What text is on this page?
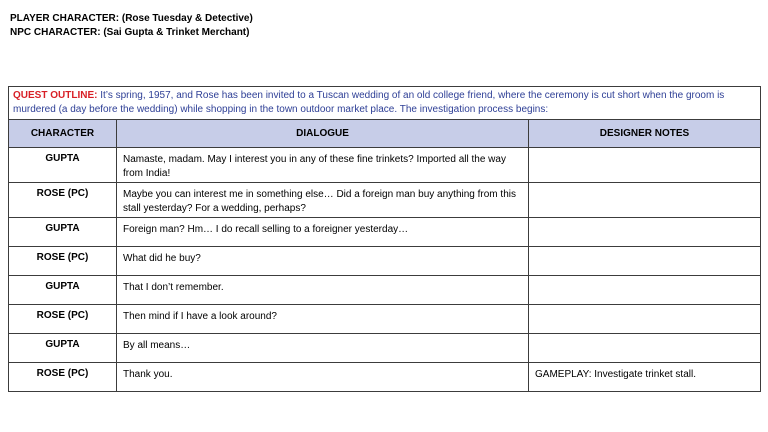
PLAYER CHARACTER: (Rose Tuesday & Detective)
NPC CHARACTER: (Sai Gupta & Trinket Merchant)
QUEST OUTLINE: It’s spring, 1957, and Rose has been invited to a Tuscan wedding of an old college friend, where the ceremony is cut short when the groom is murdered (a day before the wedding) while shopping in the town outdoor market place. The investigation process begins:		
CHARACTER	DIALOGUE	DESIGNER NOTES
GUPTA	Namaste, madam. May I interest you in any of these fine trinkets? Imported all the way from India!	
ROSE (PC)	Maybe you can interest me in something else… Did a foreign man buy anything from this stall yesterday? For a wedding, perhaps?	
GUPTA	Foreign man? Hm… I do recall selling to a foreigner yesterday…	
ROSE (PC)	What did he buy?	
GUPTA	That I don’t remember.	
ROSE (PC)	Then mind if I have a look around?	
GUPTA	By all means…	
ROSE (PC)	Thank you.	GAMEPLAY: Investigate trinket stall.
